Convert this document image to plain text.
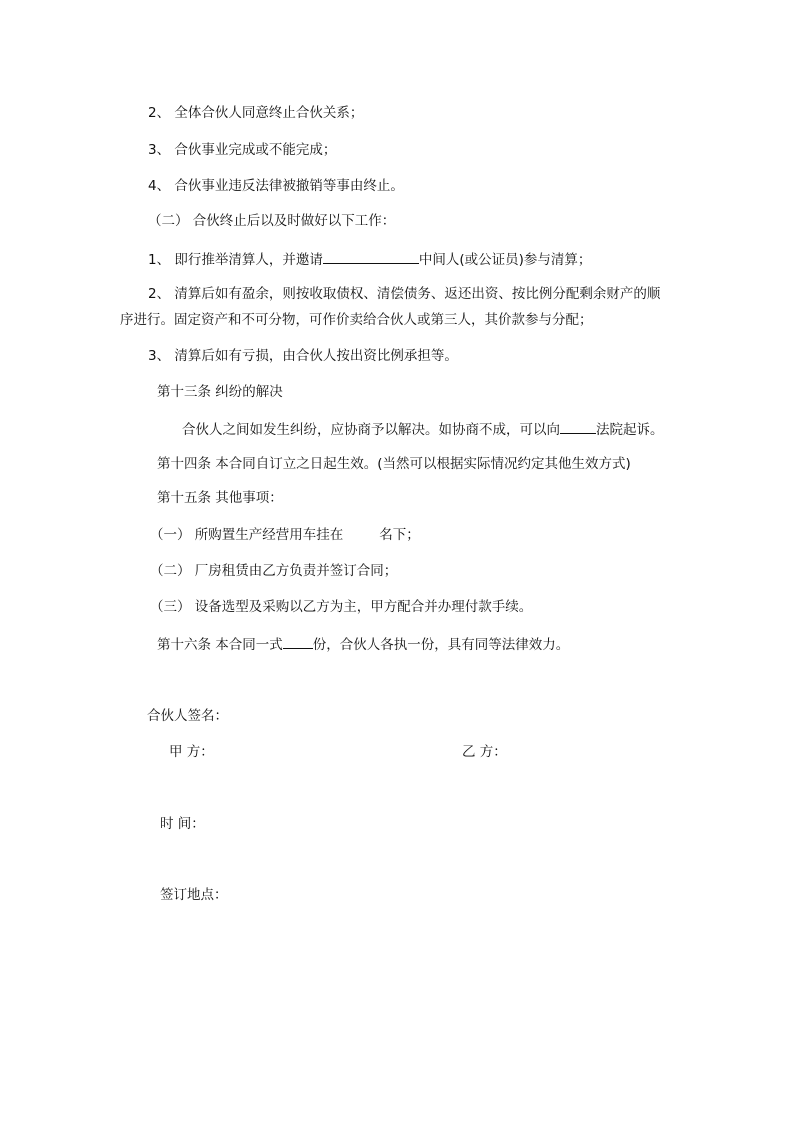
2、 全体合伙人同意终止合伙关系；
3、 合伙事业完成或不能完成；
4、 合伙事业违反法律被撤销等事由终止。
（二） 合伙终止后以及时做好以下工作：
1、 即行推举清算人，并邀请	中间人(或公证员)参与清算；
2、 清算后如有盈余，则按收取债权、清偿债务、返还出资、按比例分配剩余财产的顺
序进行。固定资产和不可分物，可作价卖给合伙人或第三人，其价款参与分配；
3、 清算后如有亏损，由合伙人按出资比例承担等。
第十三条 纠纷的解决
合伙人之间如发生纠纷，应协商予以解决。如协商不成，可以向	法院起诉。
第十四条 本合同自订立之日起生效。(当然可以根据实际情况约定其他生效方式)
第十五条 其他事项：
（一） 所购置生产经营用车挂在	名下；
（二） 厂房租赁由乙方负责并签订合同；
（三） 设备选型及采购以乙方为主，甲方配合并办理付款手续。
第十六条 本合同一式 份，合伙人各执一份，具有同等法律效力。
合伙人签名：
甲 方：	乙 方：
时 间：
签订地点：
